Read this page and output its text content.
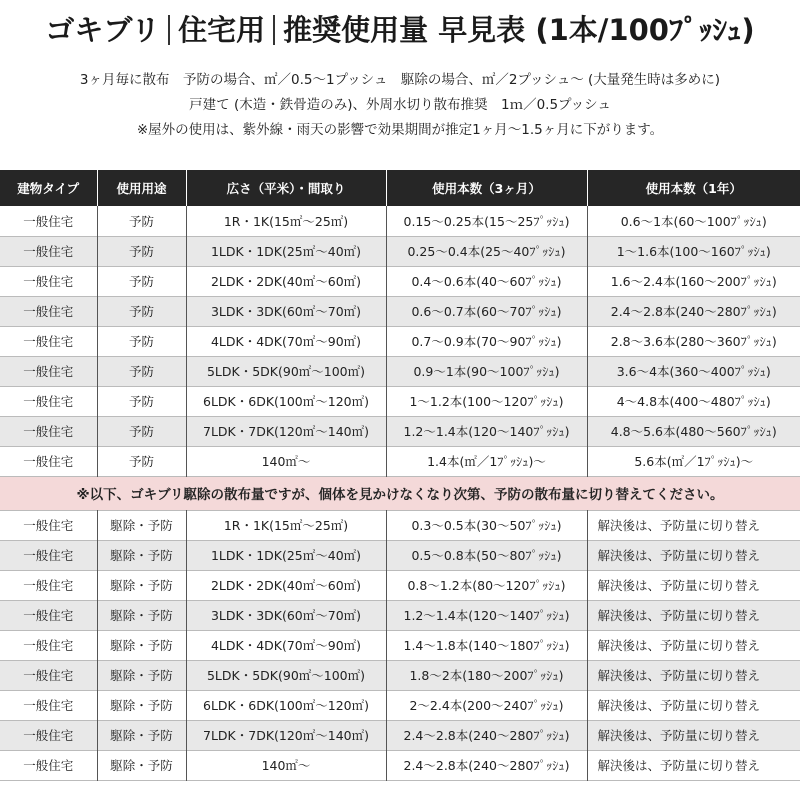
ゴキブリ 住宅用 推奨使用量 早見表 (1本/100ﾌﾟｯｼｭ)

3ヶ月毎に散布　予防の場合、㎡／0.5～1プッシュ　駆除の場合、㎡／2プッシュ～ (大量発生時は多めに)

戸建て (木造・鉄骨造のみ)、外周水切り散布推奨　1ｍ／0.5プッシュ

※屋外の使用は、紫外線・雨天の影響で効果期間が推定1ヶ月～1.5ヶ月に下がります。

建物タイプ	使用用途	広さ（平米）・間取り	使用本数（3ヶ月）	使用本数（1年）
一般住宅	予防	1R・1K(15㎡～25㎡)	0.15～0.25本(15～25ﾌﾟｯｼｭ)	0.6～1本(60～100ﾌﾟｯｼｭ)
一般住宅	予防	1LDK・1DK(25㎡～40㎡)	0.25～0.4本(25～40ﾌﾟｯｼｭ)	1～1.6本(100～160ﾌﾟｯｼｭ)
一般住宅	予防	2LDK・2DK(40㎡～60㎡)	0.4～0.6本(40～60ﾌﾟｯｼｭ)	1.6～2.4本(160～200ﾌﾟｯｼｭ)
一般住宅	予防	3LDK・3DK(60㎡～70㎡)	0.6～0.7本(60～70ﾌﾟｯｼｭ)	2.4～2.8本(240～280ﾌﾟｯｼｭ)
一般住宅	予防	4LDK・4DK(70㎡～90㎡)	0.7～0.9本(70～90ﾌﾟｯｼｭ)	2.8～3.6本(280～360ﾌﾟｯｼｭ)
一般住宅	予防	5LDK・5DK(90㎡～100㎡)	0.9～1本(90～100ﾌﾟｯｼｭ)	3.6～4本(360～400ﾌﾟｯｼｭ)
一般住宅	予防	6LDK・6DK(100㎡～120㎡)	1～1.2本(100～120ﾌﾟｯｼｭ)	4～4.8本(400～480ﾌﾟｯｼｭ)
一般住宅	予防	7LDK・7DK(120㎡～140㎡)	1.2～1.4本(120～140ﾌﾟｯｼｭ)	4.8～5.6本(480～560ﾌﾟｯｼｭ)
一般住宅	予防	140㎡～	1.4本(㎡／1ﾌﾟｯｼｭ)～	5.6本(㎡／1ﾌﾟｯｼｭ)～
※以下、ゴキブリ駆除の散布量ですが、個体を見かけなくなり次第、予防の散布量に切り替えてください。				
一般住宅	駆除・予防	1R・1K(15㎡～25㎡)	0.3～0.5本(30～50ﾌﾟｯｼｭ)	解決後は、予防量に切り替え
一般住宅	駆除・予防	1LDK・1DK(25㎡～40㎡)	0.5～0.8本(50～80ﾌﾟｯｼｭ)	解決後は、予防量に切り替え
一般住宅	駆除・予防	2LDK・2DK(40㎡～60㎡)	0.8～1.2本(80～120ﾌﾟｯｼｭ)	解決後は、予防量に切り替え
一般住宅	駆除・予防	3LDK・3DK(60㎡～70㎡)	1.2～1.4本(120～140ﾌﾟｯｼｭ)	解決後は、予防量に切り替え
一般住宅	駆除・予防	4LDK・4DK(70㎡～90㎡)	1.4～1.8本(140～180ﾌﾟｯｼｭ)	解決後は、予防量に切り替え
一般住宅	駆除・予防	5LDK・5DK(90㎡～100㎡)	1.8～2本(180～200ﾌﾟｯｼｭ)	解決後は、予防量に切り替え
一般住宅	駆除・予防	6LDK・6DK(100㎡～120㎡)	2～2.4本(200～240ﾌﾟｯｼｭ)	解決後は、予防量に切り替え
一般住宅	駆除・予防	7LDK・7DK(120㎡～140㎡)	2.4～2.8本(240～280ﾌﾟｯｼｭ)	解決後は、予防量に切り替え
一般住宅	駆除・予防	140㎡～	2.4～2.8本(240～280ﾌﾟｯｼｭ)	解決後は、予防量に切り替え
